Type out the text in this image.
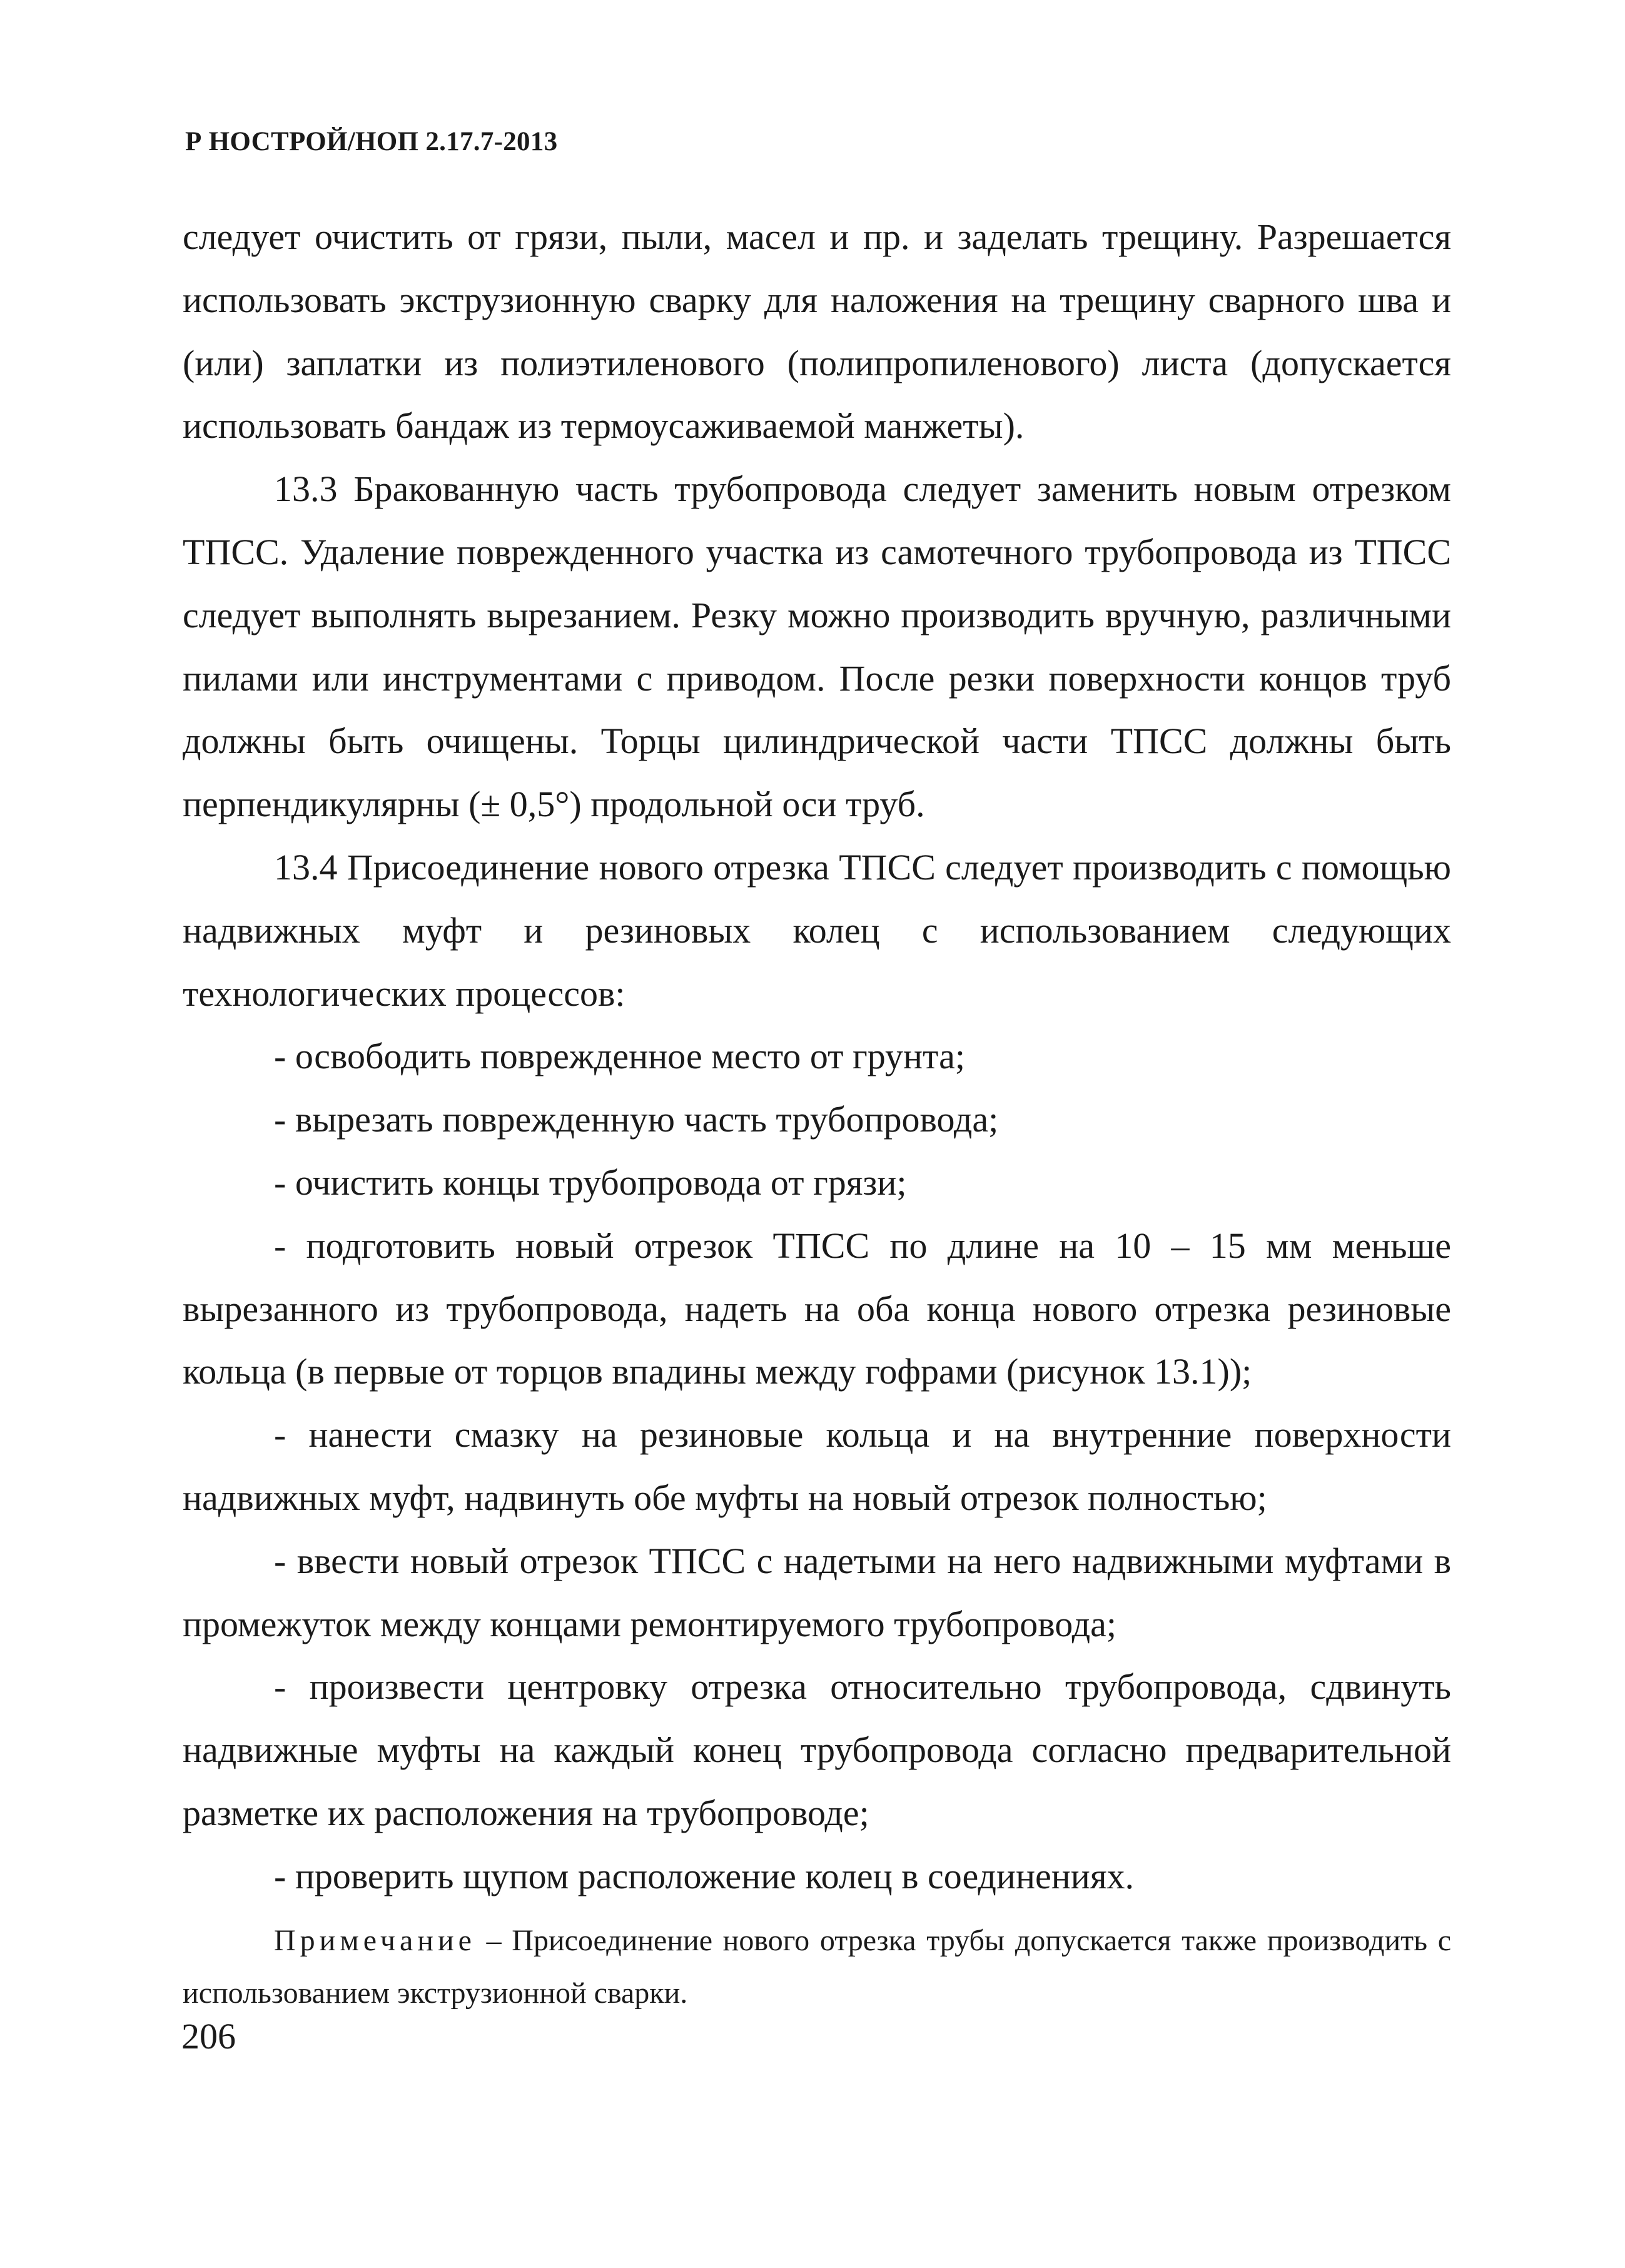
Р НОСТРОЙ/НОП 2.17.7-2013

следует очистить от грязи, пыли, масел и пр. и заделать трещину. Разрешается использовать экструзионную сварку для наложения на трещину сварного шва и (или) заплатки из полиэтиленового (полипропиленового) листа (допускается использовать бандаж из термоусаживаемой манжеты).

13.3 Бракованную часть трубопровода следует заменить новым отрезком ТПСС. Удаление поврежденного участка из самотечного трубопровода из ТПСС следует выполнять вырезанием. Резку можно производить вручную, различными пилами или инструментами с приводом. После резки поверхности концов труб должны быть очищены. Торцы цилиндрической части ТПСС должны быть перпендикулярны (± 0,5°) продольной оси труб.

13.4 Присоединение нового отрезка ТПСС следует производить с помощью надвижных муфт и резиновых колец с использованием следующих технологических процессов:

- освободить поврежденное место от грунта;

- вырезать поврежденную часть трубопровода;

- очистить концы трубопровода от грязи;

- подготовить новый отрезок ТПСС по длине на 10 – 15 мм меньше вырезанного из трубопровода, надеть на оба конца нового отрезка резиновые кольца (в первые от торцов впадины между гофрами (рисунок 13.1));

- нанести смазку на резиновые кольца и на внутренние поверхности надвижных муфт, надвинуть обе муфты на новый отрезок полностью;

- ввести новый отрезок ТПСС с надетыми на него надвижными муфтами в промежуток между концами ремонтируемого трубопровода;

- произвести центровку отрезка относительно трубопровода, сдвинуть надвижные муфты на каждый конец трубопровода согласно предварительной разметке их расположения на трубопроводе;

- проверить щупом расположение колец в соединениях.

Примечание – Присоединение нового отрезка трубы допускается также производить с использованием экструзионной сварки.

206
